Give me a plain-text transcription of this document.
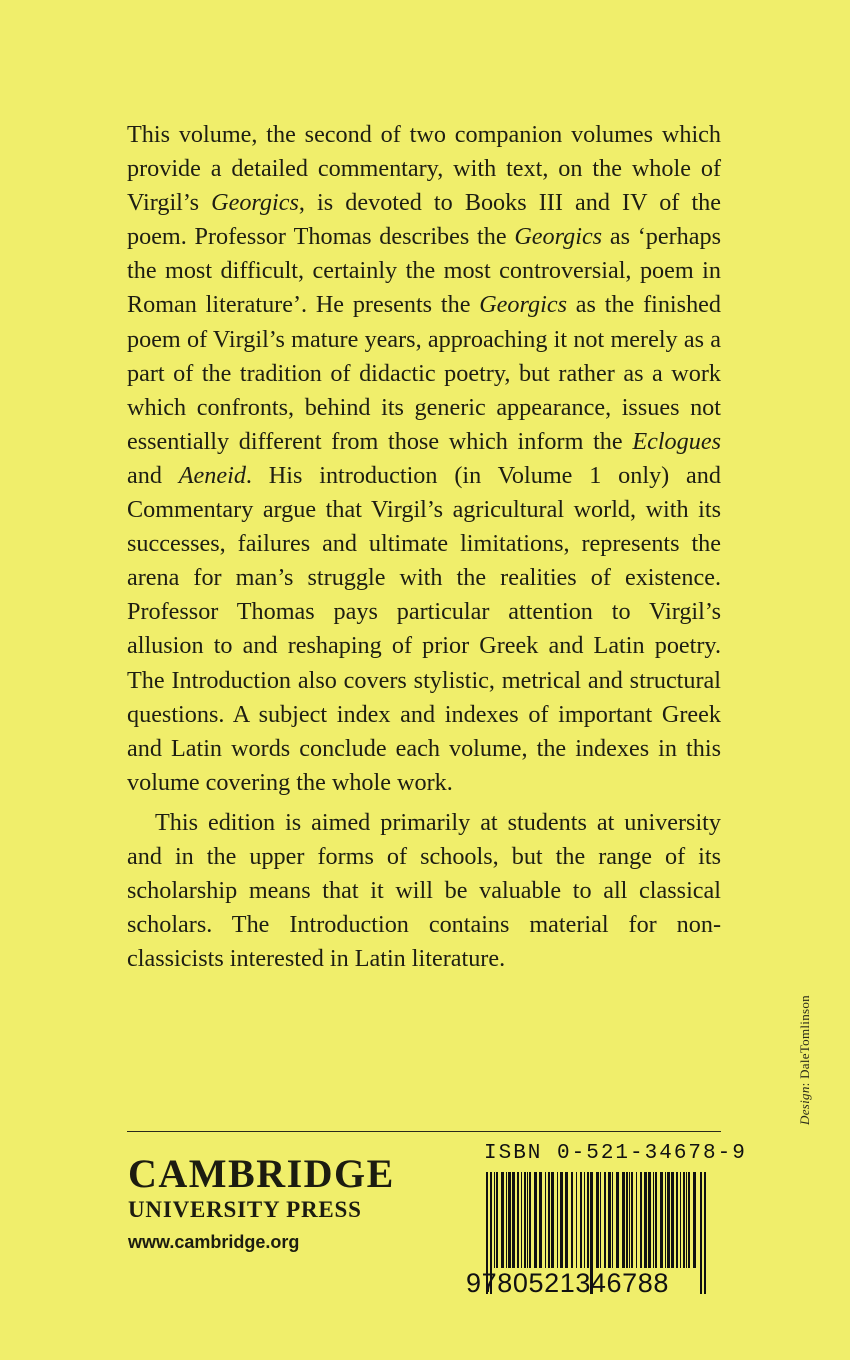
This volume, the second of two companion volumes which provide a detailed commentary, with text, on the whole of Virgil’s Georgics, is devoted to Books III and IV of the poem. Professor Thomas describes the Georgics as ‘perhaps the most difficult, certainly the most controversial, poem in Roman literature’. He presents the Georgics as the finished poem of Virgil’s mature years, approaching it not merely as a part of the tradition of didactic poetry, but rather as a work which confronts, behind its generic appearance, issues not essentially different from those which inform the Eclogues and Aeneid. His introduction (in Volume 1 only) and Commentary argue that Virgil’s agricultural world, with its successes, failures and ultimate limitations, represents the arena for man’s struggle with the realities of existence. Professor Thomas pays particular attention to Virgil’s allusion to and reshaping of prior Greek and Latin poetry. The Introduction also covers stylistic, metrical and structural questions. A subject index and indexes of important Greek and Latin words conclude each volume, the indexes in this volume covering the whole work.

This edition is aimed primarily at students at university and in the upper forms of schools, but the range of its scholarship means that it will be valuable to all classical scholars. The Introduction contains material for non-classicists interested in Latin literature.

Design: DaleTomlinson
CAMBRIDGE
UNIVERSITY PRESS
www.cambridge.org
ISBN 0-521-34678-9
9780521346788
